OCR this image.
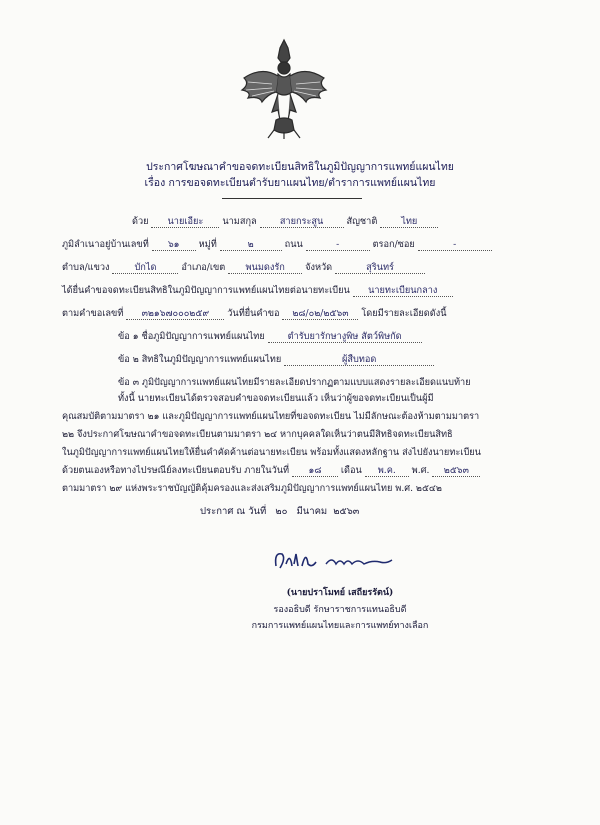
ประกาศโฆษณาคำขอจดทะเบียนสิทธิในภูมิปัญญาการแพทย์แผนไทย
เรื่อง การขอจดทะเบียนตำรับยาแผนไทย/ตำราการแพทย์แผนไทย
ด้วย นายเอียะ นามสกุล	สายกระสูน	สัญชาติ	ไทย
ภูมิลำเนาอยู่บ้านเลขที่ ๖๑ หมู่ที่	๒	ถนน	-	ตรอก/ซอย	-
ตำบล/แขวง	บักได	อำเภอ/เขต พนมดงรัก จังหวัด	สุรินทร์
ได้ยื่นคำขอจดทะเบียนสิทธิในภูมิปัญญาการแพทย์แผนไทยต่อนายทะเบียน นายทะเบียนกลาง
ตามคำขอเลขที่ ๓๒๑๖๗๐๐๐๒๕๙ วันที่ยื่นคำขอ ๒๘/๐๒/๒๕๖๓ โดยมีรายละเอียดดังนี้
ข้อ ๑ ชื่อภูมิปัญญาการแพทย์แผนไทย ตำรับยารักษางูพิษ สัตว์พิษกัด
ข้อ ๒ สิทธิในภูมิปัญญาการแพทย์แผนไทย	ผู้สืบทอด
ข้อ ๓ ภูมิปัญญาการแพทย์แผนไทยมีรายละเอียดปรากฏตามแบบแสดงรายละเอียดแนบท้าย
ทั้งนี้ นายทะเบียนได้ตรวจสอบคำขอจดทะเบียนแล้ว เห็นว่าผู้ขอจดทะเบียนเป็นผู้มี
คุณสมบัติตามมาตรา ๒๑ และภูมิปัญญาการแพทย์แผนไทยที่ขอจดทะเบียน ไม่มีลักษณะต้องห้ามตามมาตรา
๒๒ จึงประกาศโฆษณาคำขอจดทะเบียนตามมาตรา ๒๔ หากบุคคลใดเห็นว่าตนมีสิทธิจดทะเบียนสิทธิ
ในภูมิปัญญาการแพทย์แผนไทยให้ยื่นคำคัดค้านต่อนายทะเบียน พร้อมทั้งแสดงหลักฐาน ส่งไปยังนายทะเบียน
ด้วยตนเองหรือทางไปรษณีย์ลงทะเบียนตอบรับ ภายในวันที่ ๑๘ เดือน พ.ค. พ.ศ. ๒๕๖๓
ตามมาตรา ๒๙ แห่งพระราชบัญญัติคุ้มครองและส่งเสริมภูมิปัญญาการแพทย์แผนไทย พ.ศ. ๒๕๔๒
ประกาศ ณ วันที่ ๒๐ มีนาคม ๒๕๖๓
(นายปราโมทย์ เสถียรรัตน์)
รองอธิบดี รักษาราชการแทนอธิบดี
กรมการแพทย์แผนไทยและการแพทย์ทางเลือก
